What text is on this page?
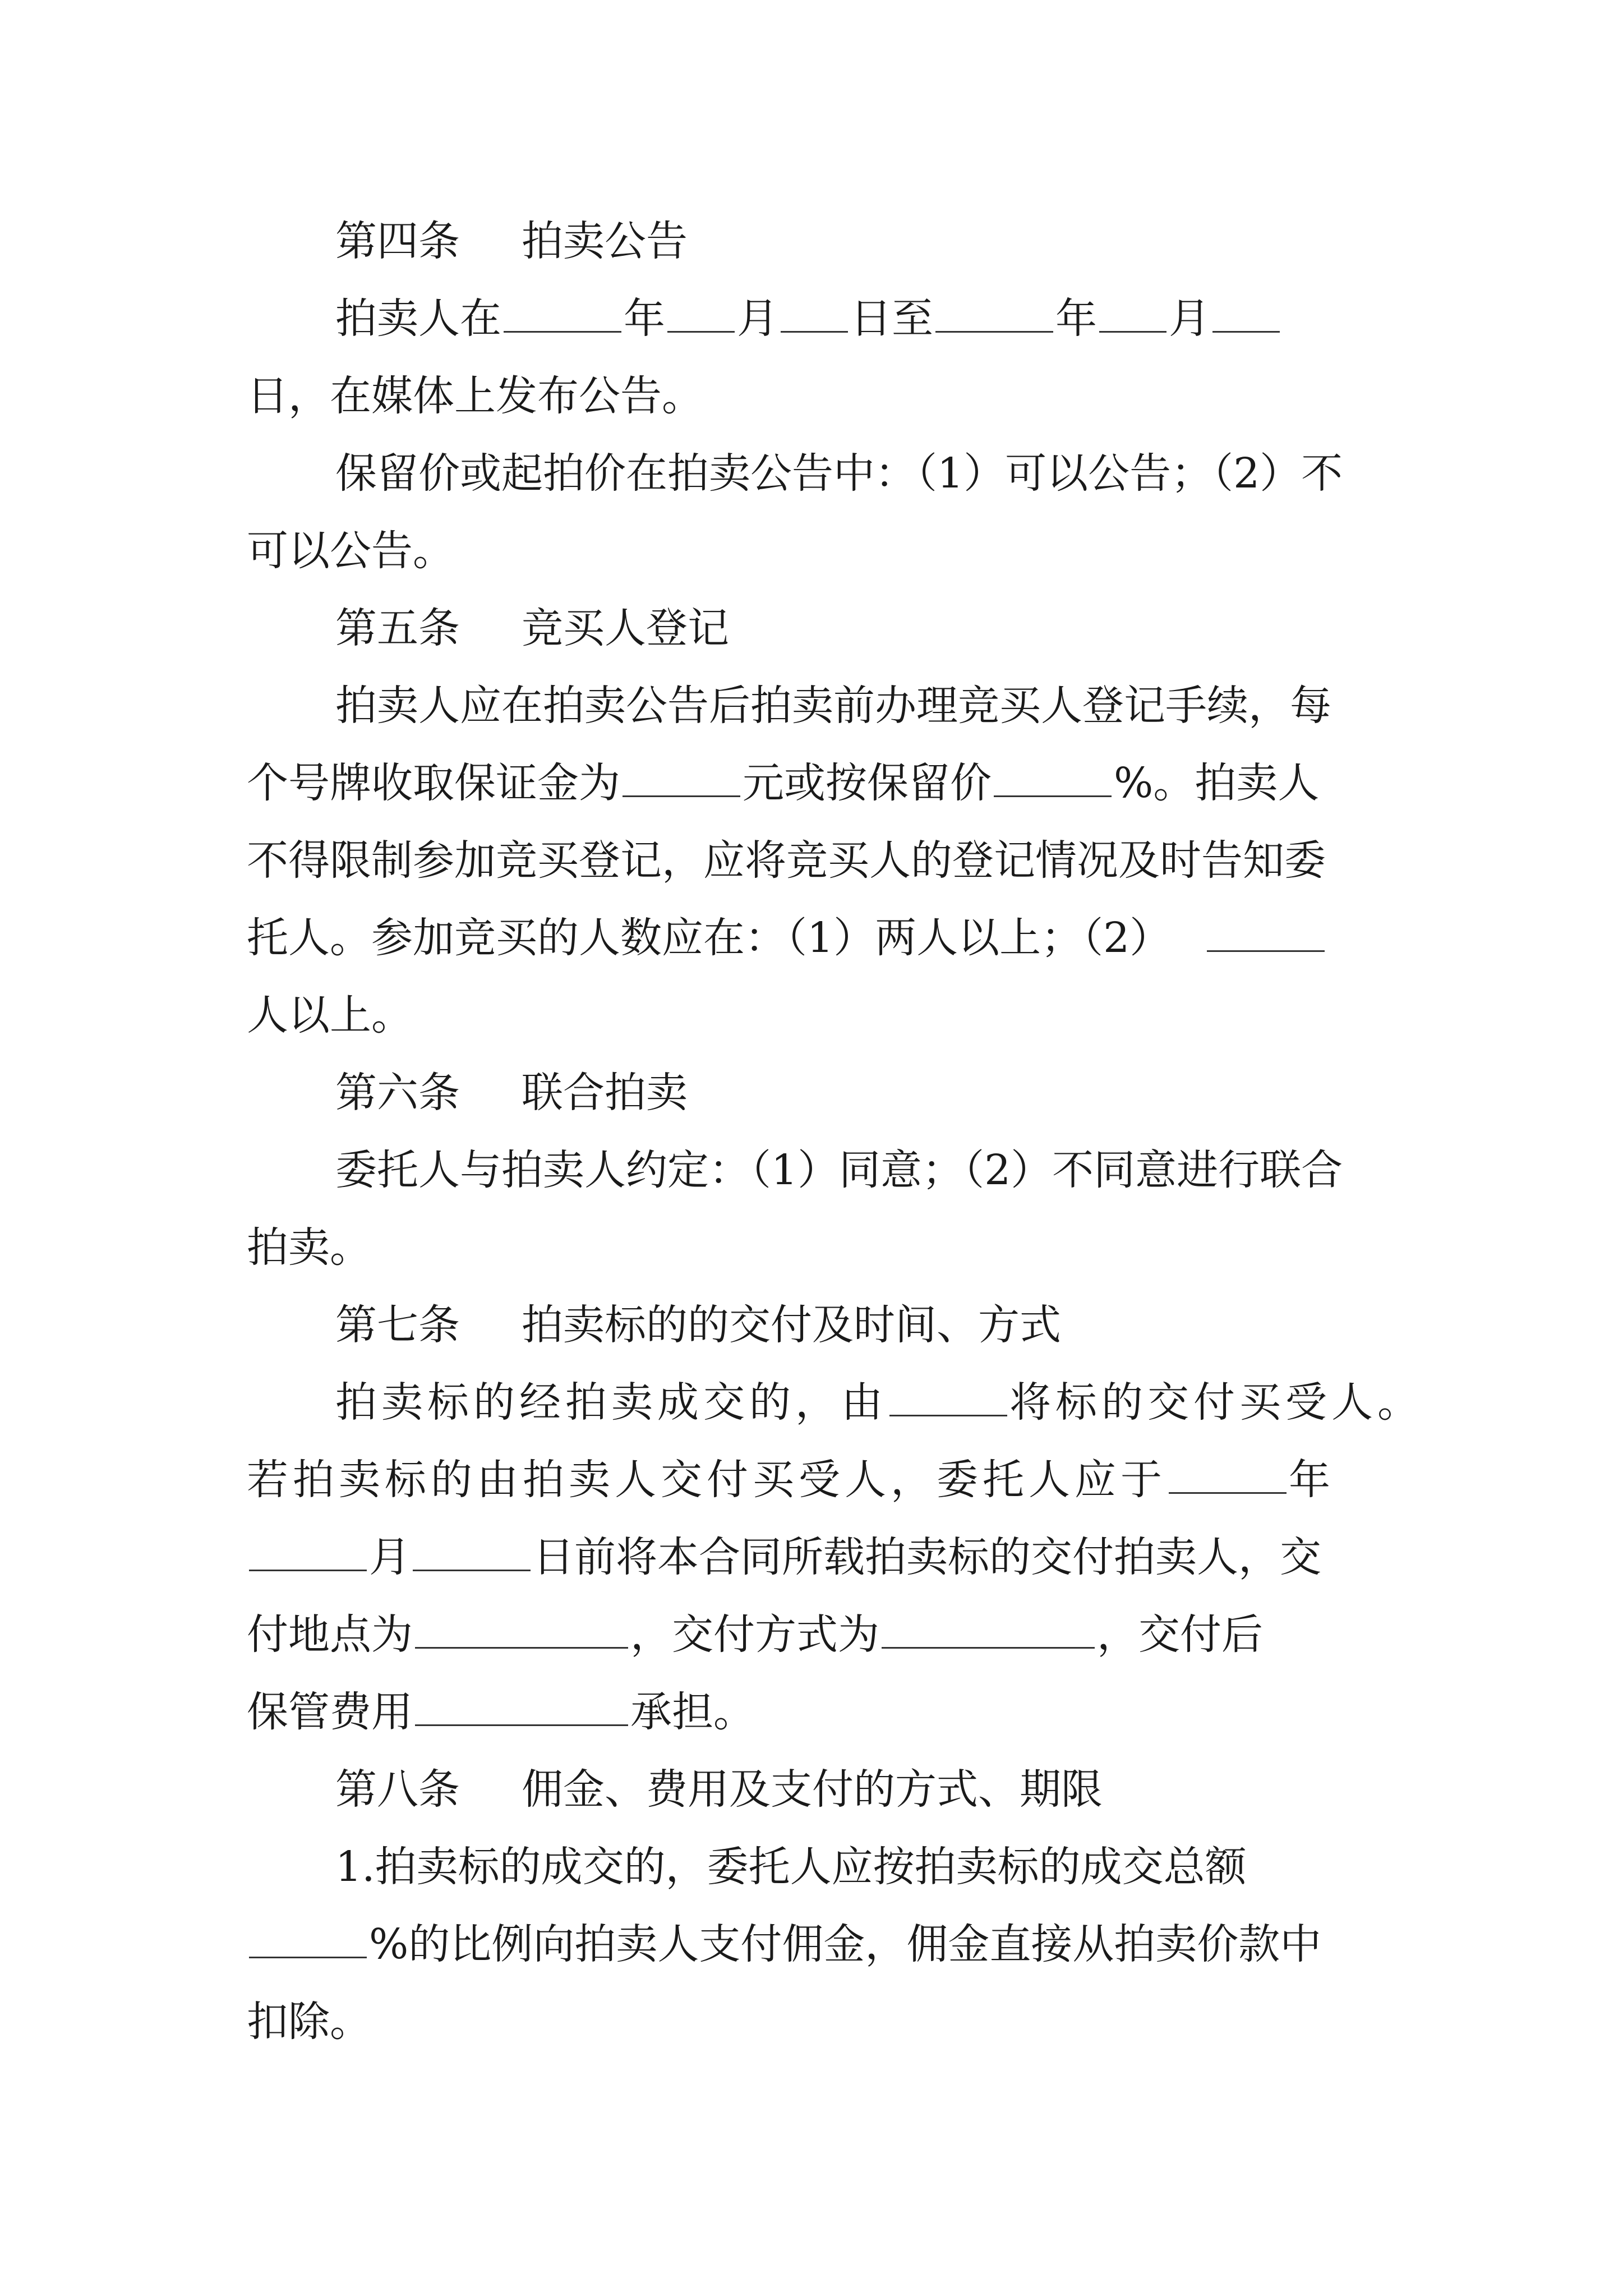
第四条 拍卖公告
拍卖人在	年 月 日至	年 月
日，在媒体上发布公告。
保留价或起拍价在拍卖公告中：（1）可以公告；（2）不
可以公告。
第五条 竞买人登记
拍卖人应在拍卖公告后拍卖前办理竞买人登记手续，每
个号牌收取保证金为	元或按保留价	%。拍卖人
不得限制参加竞买登记，应将竞买人的登记情况及时告知委
托人。参加竞买的人数应在：（1）两人以上；（2）
人以上。
第六条 联合拍卖
委托人与拍卖人约定：（1）同意；（2）不同意进行联合
拍卖。
第七条 拍卖标的的交付及时间、方式
拍卖标的经拍卖成交的，由	将标的交付买受人。
若拍卖标的由拍卖人交付买受人，委托人应于	年
月	日前将本合同所载拍卖标的交付拍卖人，交
付地点为	，交付方式为	，交付后
保管费用	承担。
第八条 佣金、费用及支付的方式、期限
1.拍卖标的成交的，委托人应按拍卖标的成交总额
%的比例向拍卖人支付佣金，佣金直接从拍卖价款中
扣除。
